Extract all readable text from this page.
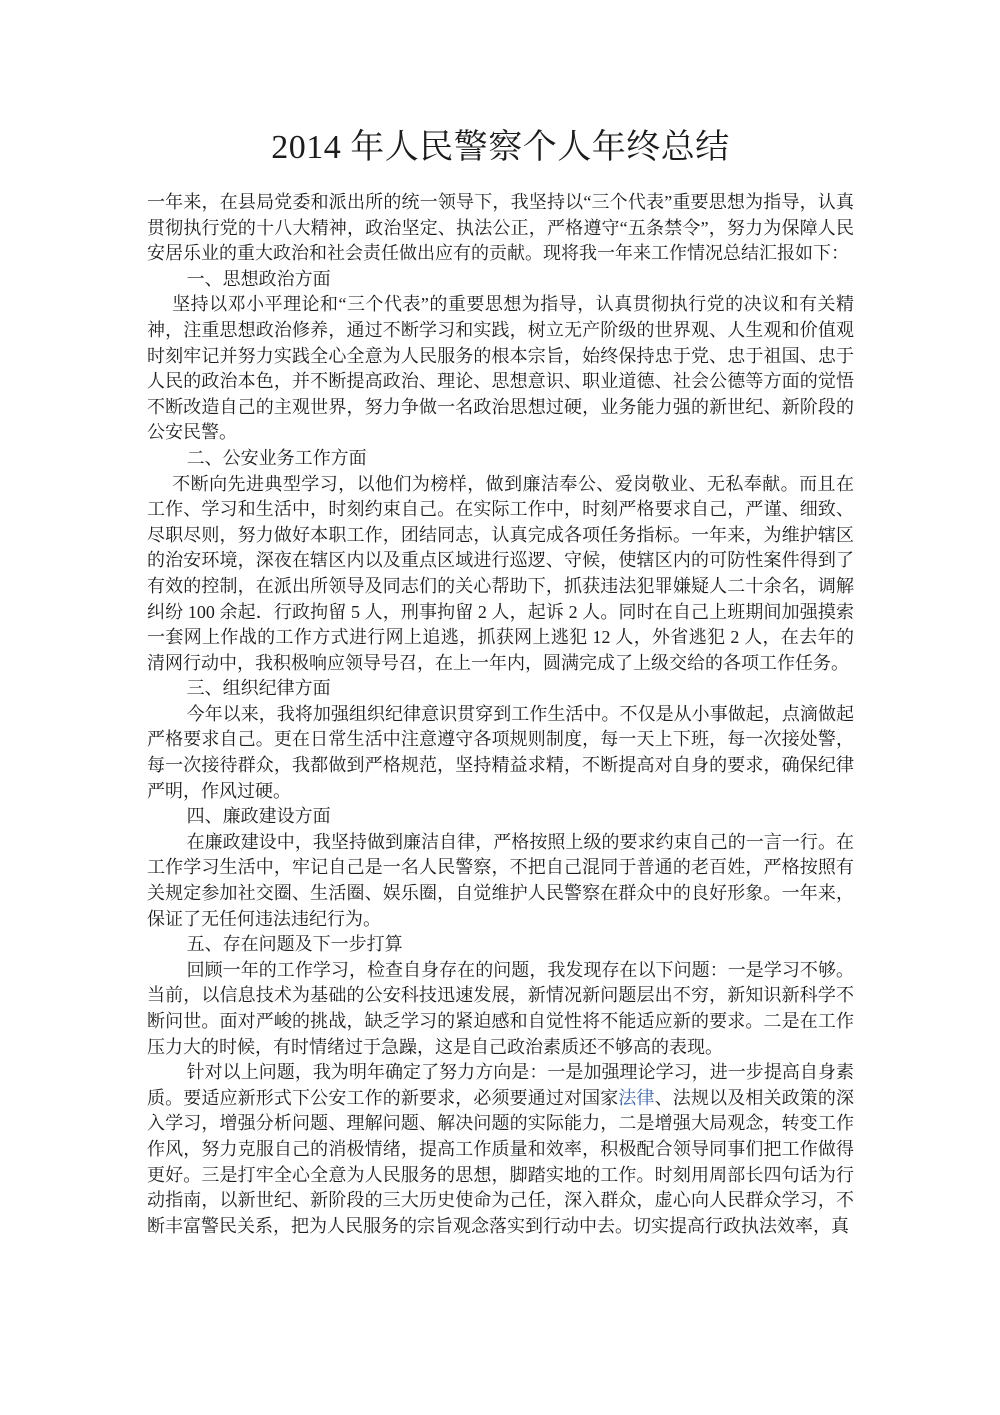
2014 年人民警察个人年终总结

一年来，在县局党委和派出所的统一领导下，我坚持以“三个代表”重要思想为指导，认真贯彻执行党的十八大精神，政治坚定、执法公正，严格遵守“五条禁令”，努力为保障人民安居乐业的重大政治和社会责任做出应有的贡献。现将我一年来工作情况总结汇报如下：

一、思想政治方面

坚持以邓小平理论和“三个代表”的重要思想为指导，认真贯彻执行党的决议和有关精神，注重思想政治修养，通过不断学习和实践，树立无产阶级的世界观、人生观和价值观时刻牢记并努力实践全心全意为人民服务的根本宗旨，始终保持忠于党、忠于祖国、忠于人民的政治本色，并不断提高政治、理论、思想意识、职业道德、社会公德等方面的觉悟不断改造自己的主观世界，努力争做一名政治思想过硬，业务能力强的新世纪、新阶段的公安民警。

二、公安业务工作方面

不断向先进典型学习，以他们为榜样，做到廉洁奉公、爱岗敬业、无私奉献。而且在工作、学习和生活中，时刻约束自己。在实际工作中，时刻严格要求自己，严谨、细致、尽职尽则，努力做好本职工作，团结同志，认真完成各项任务指标。一年来，为维护辖区的治安环境，深夜在辖区内以及重点区域进行巡逻、守候，使辖区内的可防性案件得到了有效的控制，在派出所领导及同志们的关心帮助下，抓获违法犯罪嫌疑人二十余名，调解纠纷 100 余起．行政拘留 5 人，刑事拘留 2 人，起诉 2 人。同时在自己上班期间加强摸索一套网上作战的工作方式进行网上追逃，抓获网上逃犯 12 人，外省逃犯 2 人，在去年的清网行动中，我积极响应领导号召，在上一年内，圆满完成了上级交给的各项工作任务。

三、组织纪律方面

今年以来，我将加强组织纪律意识贯穿到工作生活中。不仅是从小事做起，点滴做起严格要求自己。更在日常生活中注意遵守各项规则制度，每一天上下班，每一次接处警，每一次接待群众，我都做到严格规范，坚持精益求精，不断提高对自身的要求，确保纪律严明，作风过硬。

四、廉政建设方面

在廉政建设中，我坚持做到廉洁自律，严格按照上级的要求约束自己的一言一行。在工作学习生活中，牢记自己是一名人民警察，不把自己混同于普通的老百姓，严格按照有关规定参加社交圈、生活圈、娱乐圈，自觉维护人民警察在群众中的良好形象。一年来，保证了无任何违法违纪行为。

五、存在问题及下一步打算

回顾一年的工作学习，检查自身存在的问题，我发现存在以下问题：一是学习不够。当前，以信息技术为基础的公安科技迅速发展，新情况新问题层出不穷，新知识新科学不断问世。面对严峻的挑战，缺乏学习的紧迫感和自觉性将不能适应新的要求。二是在工作压力大的时候，有时情绪过于急躁，这是自己政治素质还不够高的表现。

针对以上问题，我为明年确定了努力方向是：一是加强理论学习，进一步提高自身素质。要适应新形式下公安工作的新要求，必须要通过对国家法律、法规以及相关政策的深入学习，增强分析问题、理解问题、解决问题的实际能力，二是增强大局观念，转变工作作风，努力克服自己的消极情绪，提高工作质量和效率，积极配合领导同事们把工作做得更好。三是打牢全心全意为人民服务的思想，脚踏实地的工作。时刻用周部长四句话为行动指南，以新世纪、新阶段的三大历史使命为己任，深入群众，虚心向人民群众学习，不断丰富警民关系，把为人民服务的宗旨观念落实到行动中去。切实提高行政执法效率，真
